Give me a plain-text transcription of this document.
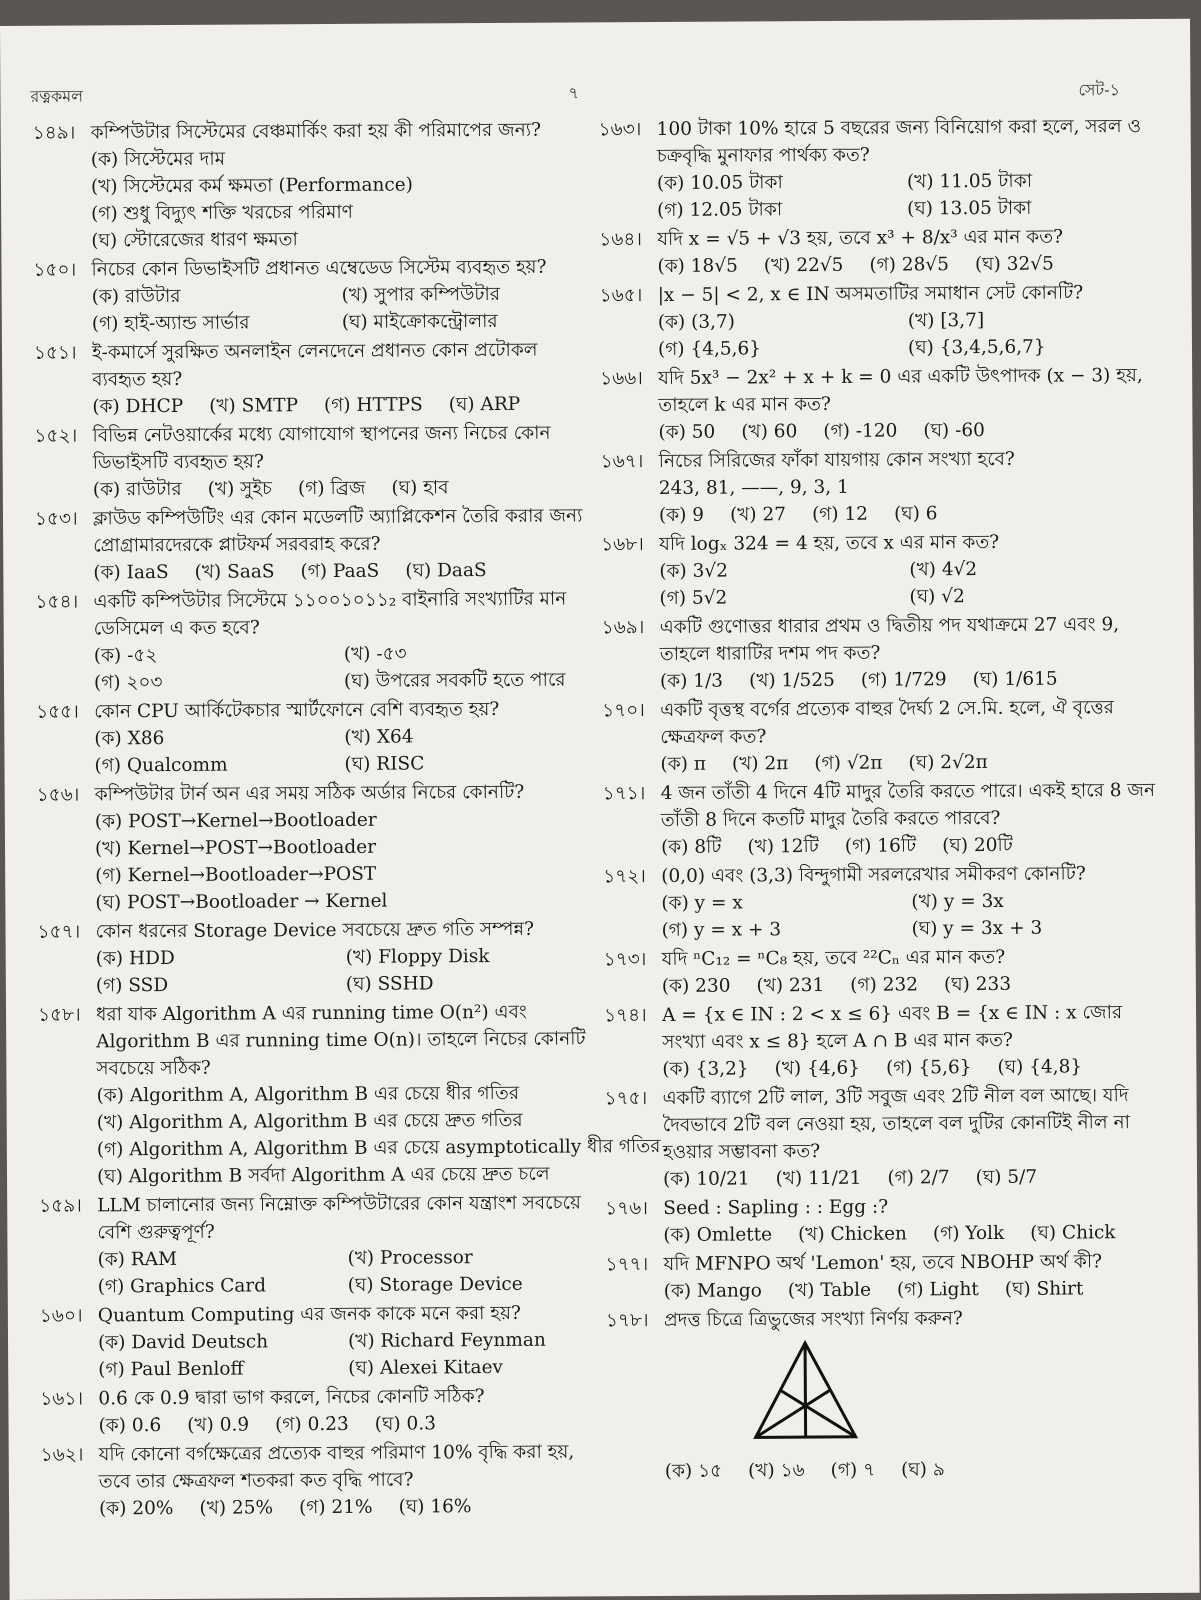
রত্নকমল	৭	সেট-১
১৪৯। কম্পিউটার সিস্টেমের বেঞ্চমার্কিং করা হয় কী পরিমাপের জন্য?
(ক) সিস্টেমের দাম
(খ) সিস্টেমের কর্ম ক্ষমতা (Performance)
(গ) শুধু বিদ্যুৎ শক্তি খরচের পরিমাণ
(ঘ) স্টোরেজের ধারণ ক্ষমতা
১৫০। নিচের কোন ডিভাইসটি প্রধানত এম্বেডেড সিস্টেম ব্যবহৃত হয়?
(ক) রাউটার	(খ) সুপার কম্পিউটার
(গ) হাই-অ্যান্ড সার্ভার	(ঘ) মাইক্রোকন্ট্রোলার
১৫১। ই-কমার্সে সুরক্ষিত অনলাইন লেনদেনে প্রধানত কোন প্রটোকল ব্যবহৃত হয়?
(ক) DHCP (খ) SMTP (গ) HTTPS (ঘ) ARP
১৫২। বিভিন্ন নেটওয়ার্কের মধ্যে যোগাযোগ স্থাপনের জন্য নিচের কোন ডিভাইসটি ব্যবহৃত হয়?
(ক) রাউটার (খ) সুইচ (গ) ব্রিজ (ঘ) হাব
১৫৩। ক্লাউড কম্পিউটিং এর কোন মডেলটি অ্যাপ্লিকেশন তৈরি করার জন্য প্রোগ্রামারদেরকে প্লাটফর্ম সরবরাহ করে?
(ক) IaaS (খ) SaaS (গ) PaaS (ঘ) DaaS
১৫৪। একটি কম্পিউটার সিস্টেমে ১১০০১০১১₂ বাইনারি সংখ্যাটির মান ডেসিমেল এ কত হবে?
(ক) -৫২	(খ) -৫৩
(গ) ২০৩	(ঘ) উপরের সবকটি হতে পারে
১৫৫। কোন CPU আর্কিটেকচার স্মার্টফোনে বেশি ব্যবহৃত হয়?
(ক) X86	(খ) X64
(গ) Qualcomm	(ঘ) RISC
১৫৬। কম্পিউটার টার্ন অন এর সময় সঠিক অর্ডার নিচের কোনটি?
(ক) POST→Kernel→Bootloader
(খ) Kernel→POST→Bootloader
(গ) Kernel→Bootloader→POST
(ঘ) POST→Bootloader → Kernel
১৫৭। কোন ধরনের Storage Device সবচেয়ে দ্রুত গতি সম্পন্ন?
(ক) HDD	(খ) Floppy Disk
(গ) SSD	(ঘ) SSHD
১৫৮। ধরা যাক Algorithm A এর running time O(n²) এবং Algorithm B এর running time O(n)। তাহলে নিচের কোনটি সবচেয়ে সঠিক?
(ক) Algorithm A, Algorithm B এর চেয়ে ধীর গতির
(খ) Algorithm A, Algorithm B এর চেয়ে দ্রুত গতির
(গ) Algorithm A, Algorithm B এর চেয়ে asymptotically ধীর গতির
(ঘ) Algorithm B সর্বদা Algorithm A এর চেয়ে দ্রুত চলে
১৫৯। LLM চালানোর জন্য নিম্নোক্ত কম্পিউটারের কোন যন্ত্রাংশ সবচেয়ে বেশি গুরুত্বপূর্ণ?
(ক) RAM	(খ) Processor
(গ) Graphics Card	(ঘ) Storage Device
১৬০। Quantum Computing এর জনক কাকে মনে করা হয়?
(ক) David Deutsch	(খ) Richard Feynman
(গ) Paul Benloff	(ঘ) Alexei Kitaev
১৬১। 0.6̇ কে 0.9̇ দ্বারা ভাগ করলে, নিচের কোনটি সঠিক?
(ক) 0.6̇ (খ) 0.9̇ (গ) 0.2̇3̇ (ঘ) 0.3̇
১৬২। যদি কোনো বর্গক্ষেত্রের প্রত্যেক বাহুর পরিমাণ 10% বৃদ্ধি করা হয়, তবে তার ক্ষেত্রফল শতকরা কত বৃদ্ধি পাবে?
(ক) 20% (খ) 25% (গ) 21% (ঘ) 16%
১৬৩। 100 টাকা 10% হারে 5 বছরের জন্য বিনিয়োগ করা হলে, সরল ও চক্রবৃদ্ধি মুনাফার পার্থক্য কত?
(ক) 10.05 টাকা	(খ) 11.05 টাকা
(গ) 12.05 টাকা	(ঘ) 13.05 টাকা
১৬৪। যদি x = √5 + √3 হয়, তবে x³ + 8/x³ এর মান কত?
(ক) 18√5 (খ) 22√5 (গ) 28√5 (ঘ) 32√5
১৬৫। |x − 5| < 2, x ∈ IN অসমতাটির সমাধান সেট কোনটি?
(ক) (3,7)	(খ) [3,7]
(গ) {4,5,6}	(ঘ) {3,4,5,6,7}
১৬৬। যদি 5x³ − 2x² + x + k = 0 এর একটি উৎপাদক (x − 3) হয়, তাহলে k এর মান কত?
(ক) 50 (খ) 60 (গ) -120 (ঘ) -60
১৬৭। নিচের সিরিজের ফাঁকা যায়গায় কোন সংখ্যা হবে?
243, 81, ——, 9, 3, 1
(ক) 9 (খ) 27 (গ) 12 (ঘ) 6
১৬৮। যদি logₓ 324 = 4 হয়, তবে x এর মান কত?
(ক) 3√2	(খ) 4√2
(গ) 5√2	(ঘ) √2
১৬৯। একটি গুণোত্তর ধারার প্রথম ও দ্বিতীয় পদ যথাক্রমে 27 এবং 9, তাহলে ধারাটির দশম পদ কত?
(ক) 1/3 (খ) 1/525 (গ) 1/729 (ঘ) 1/615
১৭০। একটি বৃত্তস্থ বর্গের প্রত্যেক বাহুর দৈর্ঘ্য 2 সে.মি. হলে, ঐ বৃত্তের ক্ষেত্রফল কত?
(ক) π (খ) 2π (গ) √2π (ঘ) 2√2π
১৭১। 4 জন তাঁতী 4 দিনে 4টি মাদুর তৈরি করতে পারে। একই হারে 8 জন তাঁতী 8 দিনে কতটি মাদুর তৈরি করতে পারবে?
(ক) 8টি (খ) 12টি (গ) 16টি (ঘ) 20টি
১৭২। (0,0) এবং (3,3) বিন্দুগামী সরলরেখার সমীকরণ কোনটি?
(ক) y = x	(খ) y = 3x
(গ) y = x + 3	(ঘ) y = 3x + 3
১৭৩। যদি ⁿC₁₂ = ⁿC₈ হয়, তবে ²²Cₙ এর মান কত?
(ক) 230 (খ) 231 (গ) 232 (ঘ) 233
১৭৪। A = {x ∈ IN : 2 < x ≤ 6} এবং B = {x ∈ IN : x জোর সংখ্যা এবং x ≤ 8} হলে A ∩ B এর মান কত?
(ক) {3,2} (খ) {4,6} (গ) {5,6} (ঘ) {4,8}
১৭৫। একটি ব্যাগে 2টি লাল, 3টি সবুজ এবং 2টি নীল বল আছে। যদি দৈবভাবে 2টি বল নেওয়া হয়, তাহলে বল দুটির কোনটিই নীল না হওয়ার সম্ভাবনা কত?
(ক) 10/21 (খ) 11/21 (গ) 2/7 (ঘ) 5/7
১৭৬। Seed : Sapling : : Egg :?
(ক) Omlette (খ) Chicken (গ) Yolk (ঘ) Chick
১৭৭। যদি MFNPO অর্থ 'Lemon' হয়, তবে NBOHP অর্থ কী?
(ক) Mango (খ) Table (গ) Light (ঘ) Shirt
১৭৮। প্রদত্ত চিত্রে ত্রিভুজের সংখ্যা নির্ণয় করুন?
(ক) ১৫ (খ) ১৬ (গ) ৭ (ঘ) ৯
